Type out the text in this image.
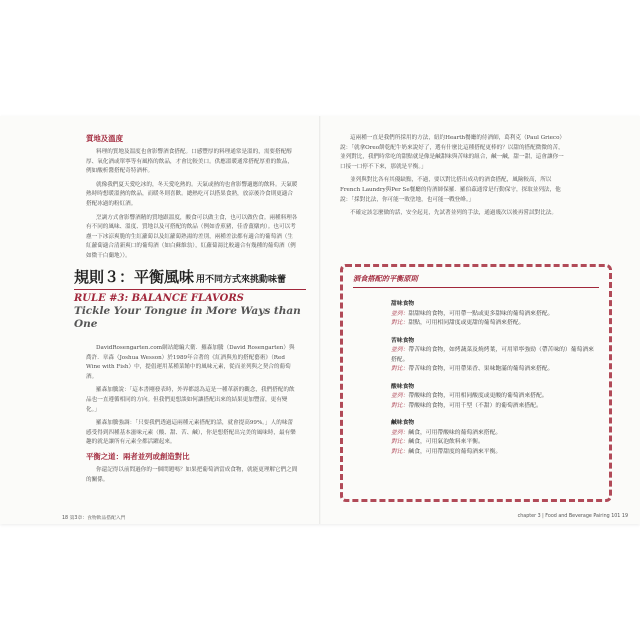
質地及溫度

料理的質地及溫度也會影響酒食搭配。口感豐厚的料理通常是溫的，需要搭配醇厚、氧化酒或單寧等有風格的飲品，才會比較美口。供應溫暖通常搭配厚重的飲品，例如酸析醬搭配奇特酒杯。

就像我們夏天愛吃冰的，冬天愛吃熱的。天氣或熱的也會影響適應的飲料。天氣暖熱時時想暖溫熱的飲品，而暖冬則喜歡。總熱吃可以搭果食熟，放涼後冷食則更適合搭配冰過的粉紅酒。

烹調方式會影響酒精的質地跟溫度，酸食可以做主食，也可以做佐食。兩種料理各有不同的風味、溫度、質地以及可搭配的飲品（例如香煎豬，佳香薑燉肉）。也可以考慮一下冰涼爽脆的生紅蘿蔔以及紅蘿蔔熟湯的差別，兩種差法都有適合的葡萄酒（生紅蘿蔔適合清新爽口的葡萄酒（如白蘇維翁），紅蘿蔔湯比較適合有幾種的葡萄酒（例如微干白蘭地））。

規則３：平衡風味 用不同方式來挑動味蕾
RULE #3: BALANCE FLAVORS
Tickle Your Tongue in More Ways than One

DavidRosengarten.com網站總編大衛．羅森加騰（David Rosengarten）與喬許．章森（Joshua Wesson）於1989年合著的《紅酒與魚的搭配藝術》（Red Wine with Fish）中，提倡運用某種菜餚中的風味元素，從而並列與之契合的葡萄酒。

羅森加騰說：「這本書剛發表時，外界都認為這是一種革新的觀念，我們搭配的飲品也一直遵循相同的方向。但我們更想談如何讓搭配出來的結果更加豐富，更有變化。」

羅森加騰強調：「只要我們透過這兩種元素搭配的話，就會提高99%。」人的味蕾感受得到四種基本滋味元素（酸、甜、苦、鹹），你是想搭配出完美的風味時，最有樂趣的就是讓所有元素全都活躍起來。

平衡之道：兩者並列或創造對比

你還記得以前問過你的一個問題嗎？如果把葡萄酒當成食物，就能更理解它們之間的關係。

這兩種一直是我們所採用的方法，紐約Hearth餐廳的侍酒師，葛利克（Paul Grieco）說：「就拿Oreo餅乾配牛奶來說好了，選有什麼比這種搭配更棒的？以甜的搭配微微的苦，並列對比，我們時常吃的甜點就是像是鹹甜味與苦味的組合，鹹一鹹，甜一甜，這會讓你一口接一口停不下來，那就是平衡。」

並列與對比各有其優缺點，不過，要以對比搭出成功的酒食搭配，風險較高，所以French Laundry與Per Se餐廳的侍酒師保羅．羅伯茲通常是行動保守，探取並列法，他說：「採對比法，你可能一敗塗地，也可能一戰登峰。」

不確定該怎麼做的話，安全起見，先試著並列的手法，通過幾次以後再嘗試對比法。

酒食搭配的平衡原則
甜味食物
並列：甜甜味的食物，可用帶一點或更多甜味的葡萄酒來搭配。
對比：甜點，可用相同甜度或更甜的葡萄酒來搭配。
苦味食物
並列：帶苦味的食物，如烤蔬菜及燒烤葉，可用單寧強勁（帶苦味的）葡萄酒來搭配。
對比：帶苦味的食物，可用帶果香、果味飽滿的葡萄酒來搭配。
酸味食物
並列：帶酸味的食物，可用相同酸度或更酸的葡萄酒來搭配。
對比：帶酸味的食物，可用千型（不甜）的葡萄酒來搭配。
鹹味食物
並列：鹹食，可用帶酸味的葡萄酒來搭配。
對比：鹹食，可用氣泡飲料來平衡。
對比：鹹食，可用帶甜度的葡萄酒來平衡。
18 第3章：食物飲品搭配入門	chapter 3 | Food and Beverage Pairing 101 19
